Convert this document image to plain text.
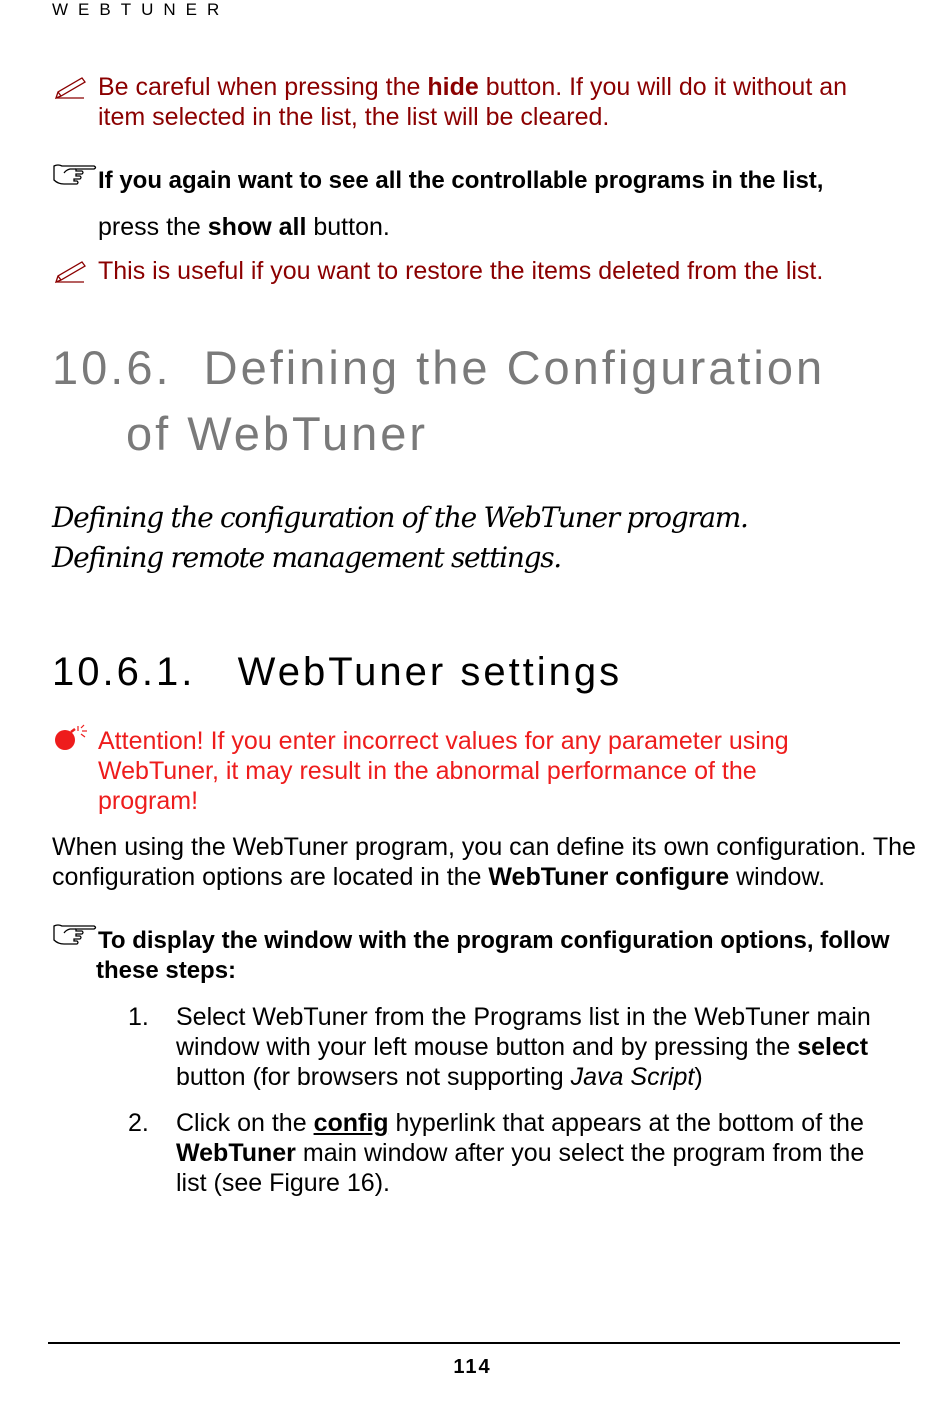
WEBTUNER
Be careful when pressing the hide button. If you will do it without an item selected in the list, the list will be cleared.
If you again want to see all the controllable programs in the list,
press the show all button.
This is useful if you want to restore the items deleted from the list.
10.6. Defining the Configuration
of WebTuner
Defining the configuration of the WebTuner program.
Defining remote management settings.
10.6.1. WebTuner settings
Attention! If you enter incorrect values for any parameter using WebTuner, it may result in the abnormal performance of the program!
When using the WebTuner program, you can define its own configuration. The configuration options are located in the WebTuner configure window.
To display the window with the program configuration options, follow these steps:
1. Select WebTuner from the Programs list in the WebTuner main window with your left mouse button and by pressing the select button (for browsers not supporting Java Script)
2. Click on the config hyperlink that appears at the bottom of the WebTuner main window after you select the program from the list (see Figure 16).
114
